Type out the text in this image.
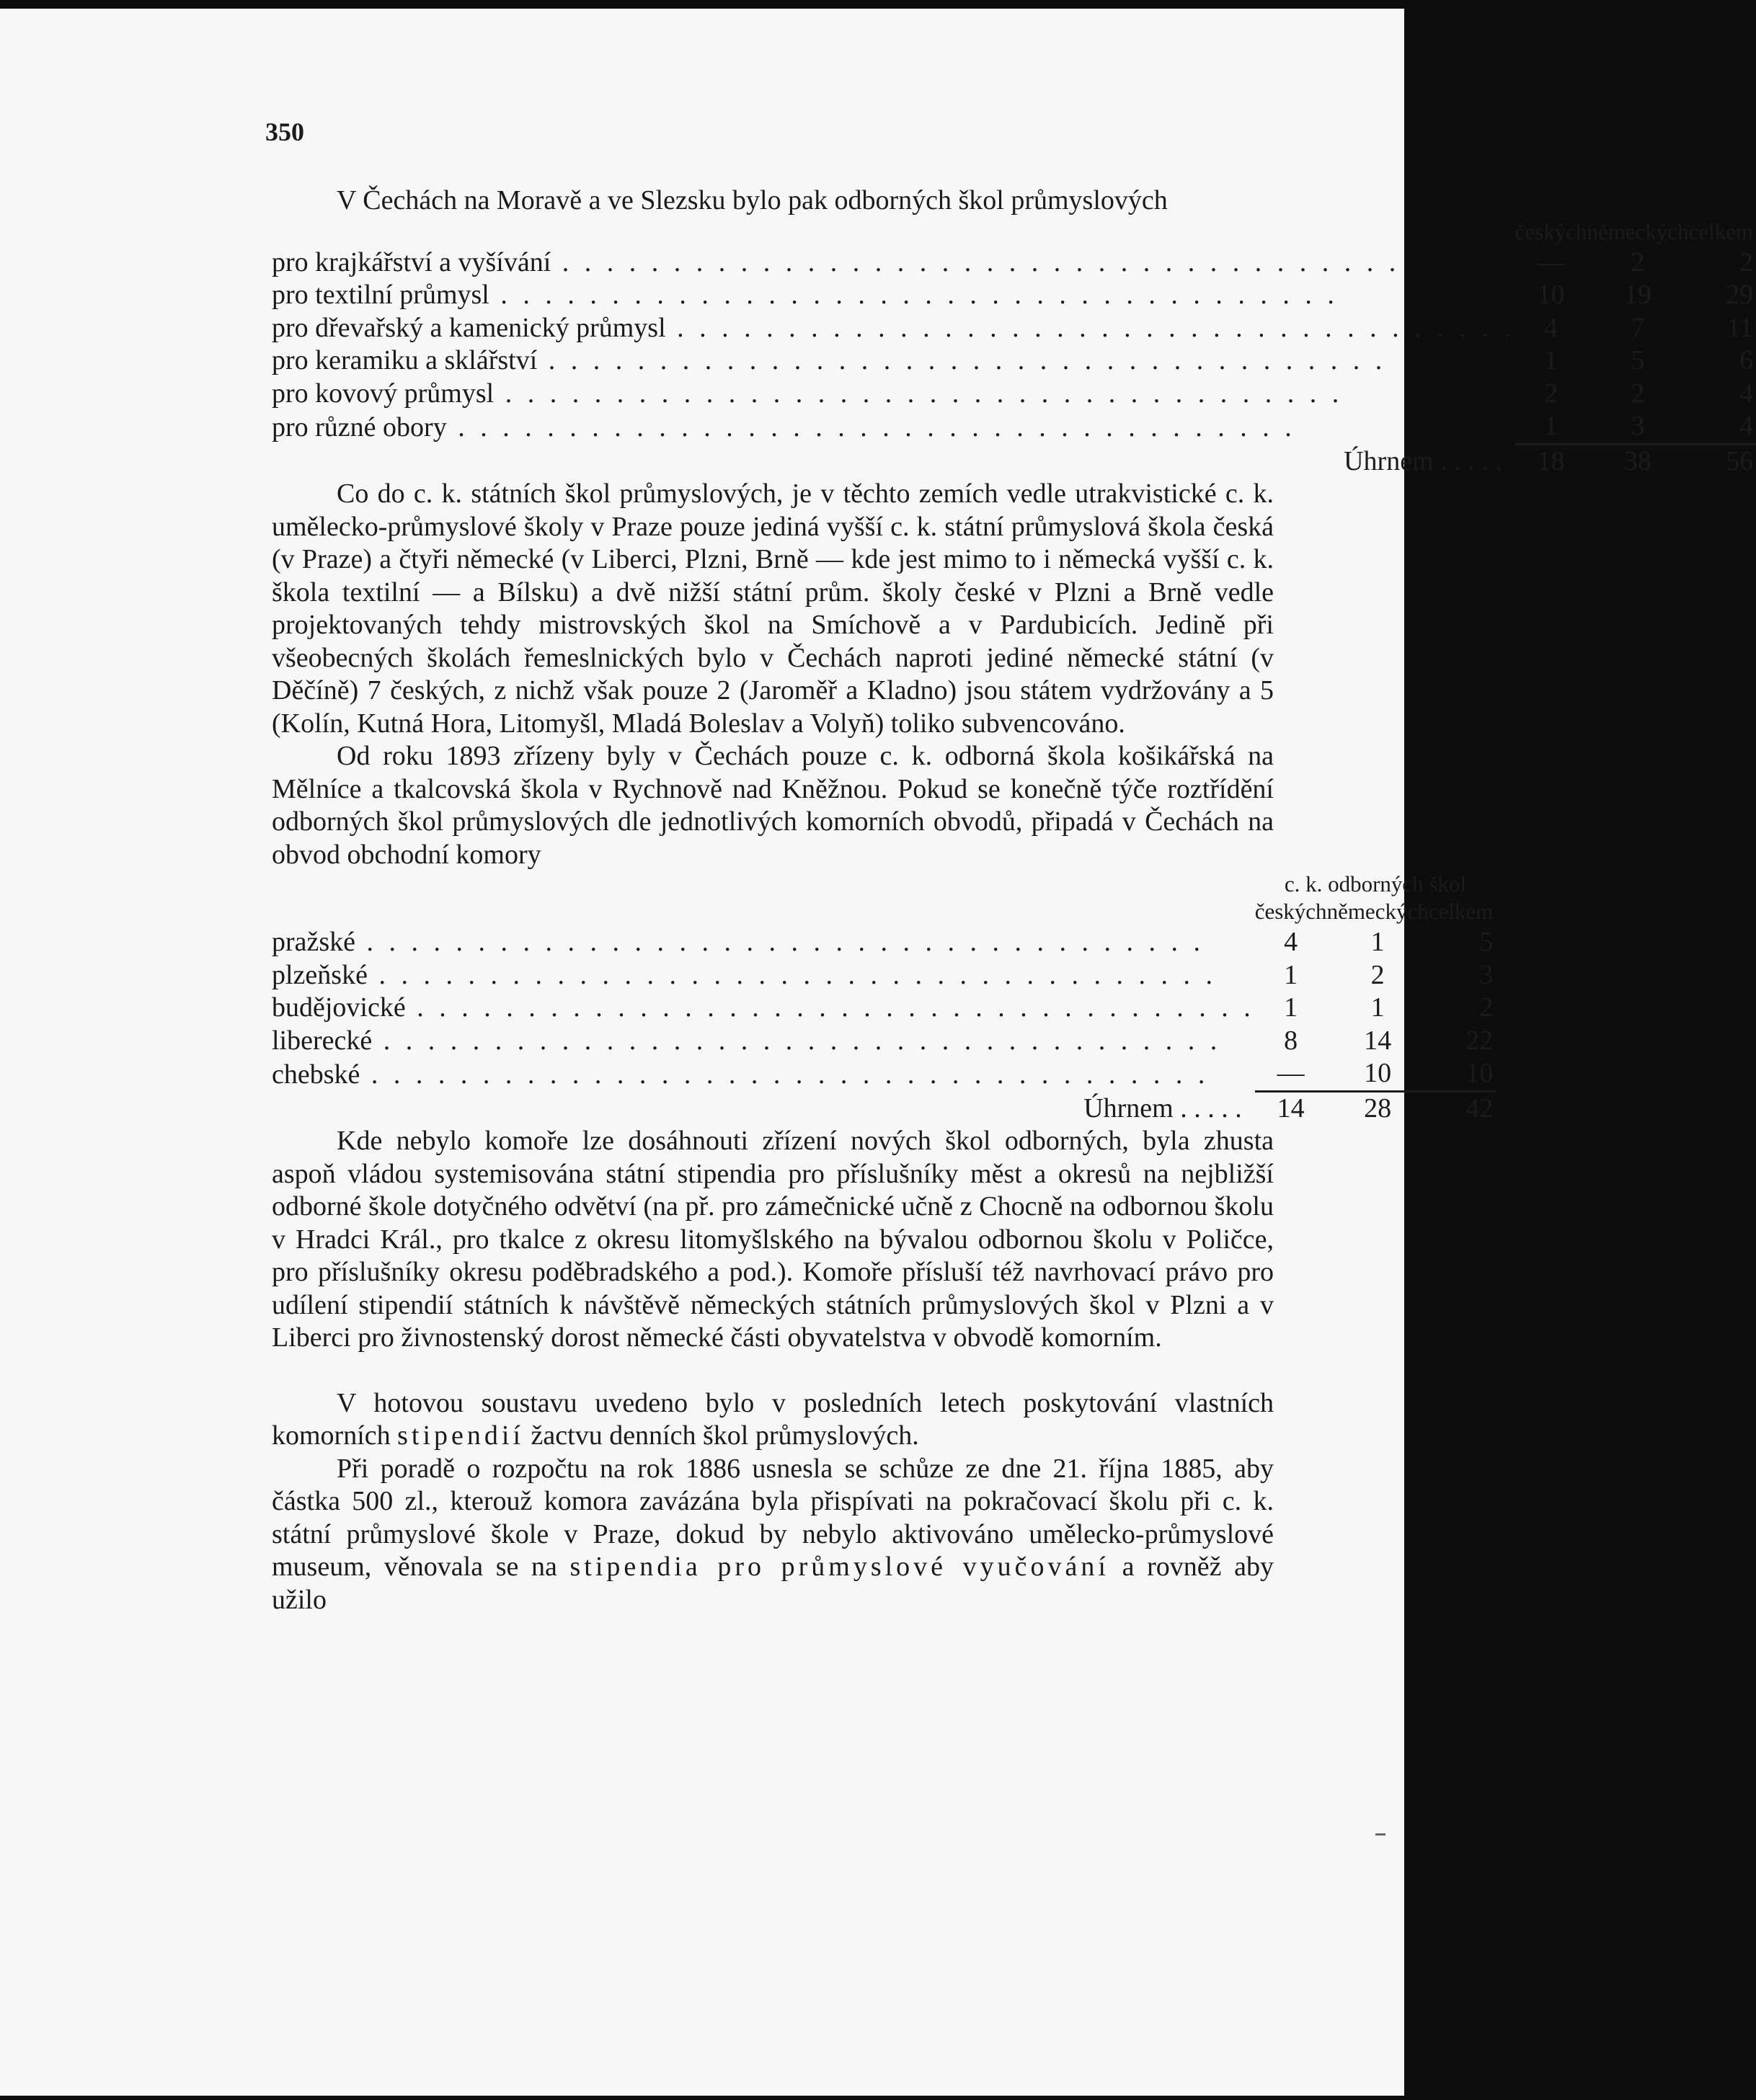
350

V Čechách na Moravě a ve Slezsku bylo pak odborných škol průmyslových

	českých	německých	celkem
pro krajkářství a vyšívání . . .	—	2	2
pro textilní průmysl . . .	10	19	29
pro dřevařský a kamenický průmysl . . .	4	7	11
pro keramiku a sklářství . . .	1	5	6
pro kovový průmysl . . .	2	2	4
pro různé obory . . .	1	3	4
Úhrnem . . . . .	18	38	56

Co do c. k. státních škol průmyslových, je v těchto zemích vedle utrakvistické c. k. umělecko-průmyslové školy v Praze pouze jediná vyšší c. k. státní průmyslová škola česká (v Praze) a čtyři německé (v Liberci, Plzni, Brně — kde jest mimo to i německá vyšší c. k. škola textilní — a Bílsku) a dvě nižší státní prům. školy české v Plzni a Brně vedle projektovaných tehdy mistrovských škol na Smíchově a v Pardubicích. Jedině při všeobecných školách řemeslnických bylo v Čechách naproti jediné německé státní (v Děčíně) 7 českých, z nichž však pouze 2 (Jaroměř a Kladno) jsou státem vydržovány a 5 (Kolín, Kutná Hora, Litomyšl, Mladá Boleslav a Volyň) toliko subvencováno.

Od roku 1893 zřízeny byly v Čechách pouze c. k. odborná škola košikářská na Mělníce a tkalcovská škola v Rychnově nad Kněžnou. Pokud se konečně týče roztřídění odborných škol průmyslových dle jednotlivých komorních obvodů, připadá v Čechách na obvod obchodní komory

	c. k. odborných škol		
	českých	německých	celkem
pražské . . .	4	1	5
plzeňské . . .	1	2	3
budějovické . . .	1	1	2
liberecké . . .	8	14	22
chebské . . .	—	10	10
Úhrnem . . . . .	14	28	42

Kde nebylo komoře lze dosáhnouti zřízení nových škol odborných, byla zhusta aspoň vládou systemisována státní stipendia pro příslušníky měst a okresů na nejbližší odborné škole dotyčného odvětví (na př. pro zámečnické učně z Chocně na odbornou školu v Hradci Král., pro tkalce z okresu litomyšlského na bývalou odbornou školu v Poličce, pro příslušníky okresu poděbradského a pod.). Komoře přísluší též navrhovací právo pro udílení stipendií státních k návštěvě německých státních průmyslových škol v Plzni a v Liberci pro živnostenský dorost německé části obyvatelstva v obvodě komorním.

V hotovou soustavu uvedeno bylo v posledních letech poskytování vlastních komorních stipendií žactvu denních škol průmyslových.

Při poradě o rozpočtu na rok 1886 usnesla se schůze ze dne 21. října 1885, aby částka 500 zl., kterouž komora zavázána byla přispívati na pokračovací školu při c. k. státní průmyslové škole v Praze, dokud by nebylo aktivováno umělecko-průmyslové museum, věnovala se na stipendia pro průmyslové vyučování a rovněž aby užilo
